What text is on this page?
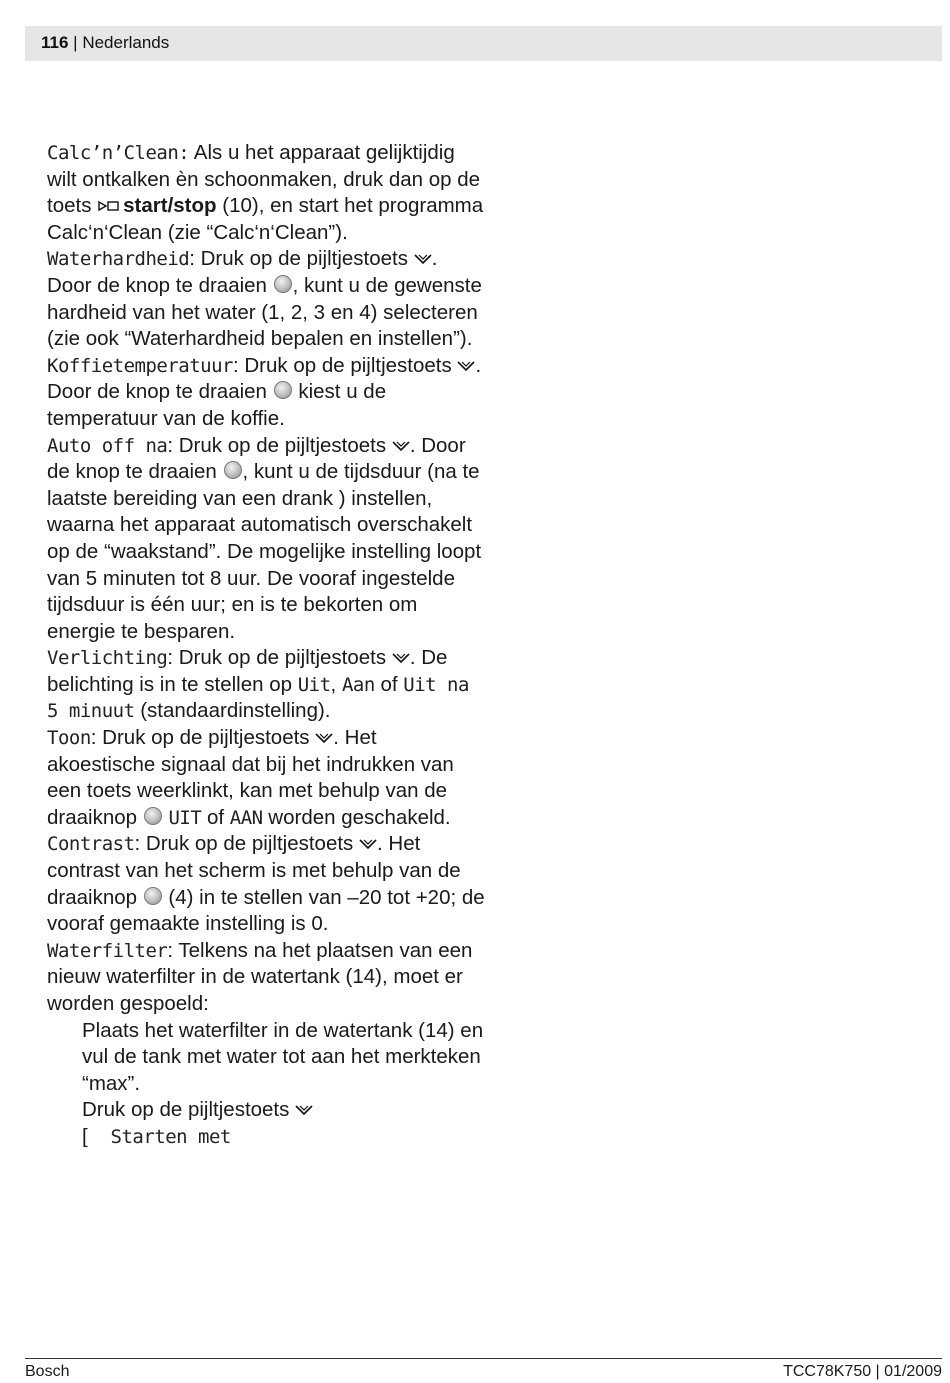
116 | Nederlands

Calc’n’Clean: Als u het apparaat gelijktijdig wilt ontkalken èn schoonmaken, druk dan op de toets start/stop (10), en start het programma Calc‘n‘Clean (zie “Calc‘n‘Clean”).

Waterhardheid: Druk op de pijltjestoets . Door de knop te draaien , kunt u de gewenste hardheid van het water (1, 2, 3 en 4) selecteren (zie ook “Waterhardheid bepalen en instellen”).

Koffietemperatuur: Druk op de pijltjestoets . Door de knop te draaien  kiest u de temperatuur van de koffie.

Auto off na: Druk op de pijltjestoets . Door de knop te draaien , kunt u de tijdsduur (na te laatste bereiding van een drank ) instellen, waarna het apparaat automatisch overschakelt op de “waakstand”. De mogelijke instelling loopt van 5 minuten tot 8 uur. De vooraf ingestelde tijdsduur is één uur; en is te bekorten om energie te besparen.

Verlichting: Druk op de pijltjestoets . De belichting is in te stellen op Uit, Aan of Uit na 5 minuut (standaardinstelling).

Toon: Druk op de pijltjestoets . Het akoestische signaal dat bij het indrukken van een toets weerklinkt, kan met behulp van de draaiknop  UIT of AAN worden geschakeld.

Contrast: Druk op de pijltjestoets . Het contrast van het scherm is met behulp van de draaiknop  (4) in te stellen van –20 tot +20; de vooraf gemaakte instelling is 0.

Waterfilter: Telkens na het plaatsen van een nieuw waterfilter in de watertank (14), moet er worden gespoeld:

Plaats het waterfilter in de watertank (14) en vul de tank met water tot aan het merkteken “max”.

Druk op de pijltjestoets

[ Starten met

Bosch	TCC78K750 | 01/2009
